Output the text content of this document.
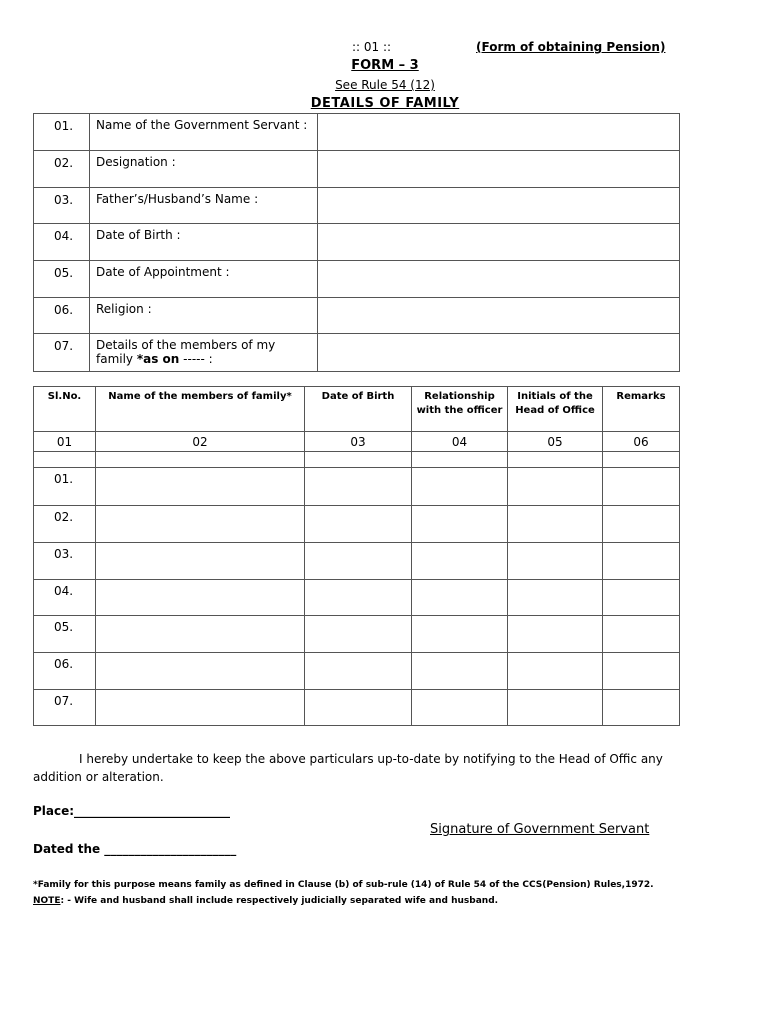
:: 01 ::	(Form of obtaining Pension)
FORM – 3
See Rule 54 (12)
DETAILS OF FAMILY
01.	Name of the Government Servant :	
02.	Designation :	
03.	Father’s/Husband’s Name :	
04.	Date of Birth :	
05.	Date of Appointment :	
06.	Religion :	
07.	Details of the members of my family *as on ----- :	
Sl.No.	Name of the members of family*	Date of Birth	Relationship with the officer	Initials of the Head of Office	Remarks
01	02	03	04	05	06

01.					
02.					
03.					
04.					
05.					
06.					
07.					
I hereby undertake to keep the above particulars up-to-date by notifying to the Head of Offic any addition or alteration.
Place:__________________________
Signature of Government Servant
Dated the ______________________
*Family for this purpose means family as defined in Clause (b) of sub-rule (14) of Rule 54 of the CCS(Pension) Rules,1972.
NOTE: - Wife and husband shall include respectively judicially separated wife and husband.
